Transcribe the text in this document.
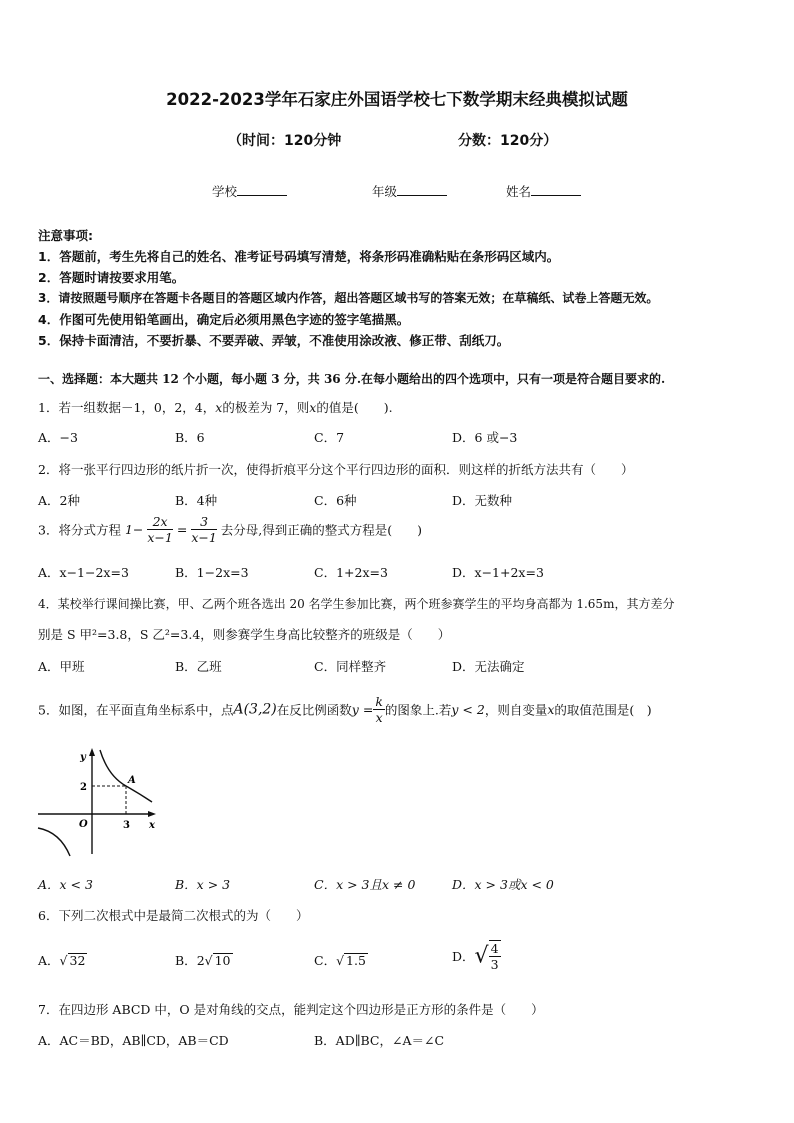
2022-2023学年石家庄外国语学校七下数学期末经典模拟试题
（时间：120分钟	分数：120分）
学校	年级	姓名
注意事项:
1．答题前，考生先将自己的姓名、准考证号码填写清楚，将条形码准确粘贴在条形码区域内。
2．答题时请按要求用笔。
3．请按照题号顺序在答题卡各题目的答题区域内作答，超出答题区域书写的答案无效；在草稿纸、试卷上答题无效。
4．作图可先使用铅笔画出，确定后必须用黑色字迹的签字笔描黑。
5．保持卡面清洁，不要折暴、不要弄破、弄皱，不准使用涂改液、修正带、刮纸刀。
一、选择题：本大题共 12 个小题，每小题 3 分，共 36 分.在每小题给出的四个选项中，只有一项是符合题目要求的.
1．若一组数据－1，0，2，4，x的极差为 7，则x的值是(   ).
A．−3	B．6	C．7	D．6 或−3
2．将一张平行四边形的纸片折一次，使得折痕平分这个平行四边形的面积．则这样的折纸方法共有（　　）
A．2种	B．4种	C．6种	D．无数种
3．将分式方程 $1- \frac{2x}{x-1} = \frac{3}{x-1}$ 去分母,得到正确的整式方程是(　　)
A．x−1−2x=3	B．1−2x=3	C．1+2x=3	D．x−1+2x=3
4．某校举行课间操比赛，甲、乙两个班各选出 20 名学生参加比赛，两个班参赛学生的平均身高都为 1.65m，其方差分
别是 S 甲²=3.8，S 乙²=3.4，则参赛学生身高比较整齐的班级是（　　）
A．甲班	B．乙班	C．同样整齐	D．无法确定
5．如图，在平面直角坐标系中，点A(3,2)在反比例函数$y = \frac{k}{x}$ 的图象上.若y < 2，则自变量x的取值范围是(　)
y
x
O
A
3
2
A．x < 3	B．x > 3	C．x > 3且x ≠ 0	D．x > 3或x < 0
6．下列二次根式中是最简二次根式的为（　　）
A．√ 32	B．2√ 10	C．√ 1.5	D．√ $\frac{4}{3}$
7．在四边形 ABCD 中，O 是对角线的交点，能判定这个四边形是正方形的条件是（　　）
A．AC＝BD，AB∥CD，AB＝CD	B．AD∥BC，∠A＝∠C
